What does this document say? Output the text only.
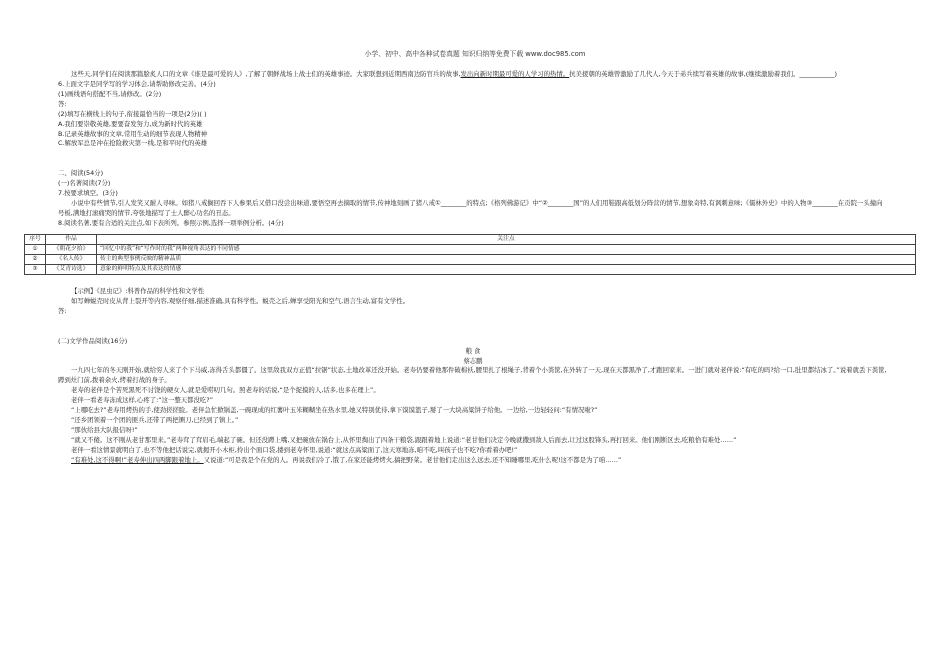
小学、初中、高中各种试卷真题 知识归纳等免费下载 www.doc985.com

这些天,同学们在阅读那篇脍炙人口的文章《谁是最可爱的人》,了解了朝鲜战场上战士们的英雄事迹。大家联想到近期西南边防官兵的故事,发出向新时期最可爱的人学习的热情。抗美援朝的英雄曾激励了几代人,今天于弟兵续写着英雄的故事,(继续激励着我们。___________)

6.上面文字是同学写的学习体会,请帮助修改完善。(4分)

(1)画线语句搭配不当,请修改。(2分)

答:

(2)填写在横线上的句子,衔接最恰当的一项是(2分)( )

A.我们要崇敬英雄,要要奋发努力,成为新时代的英雄

B.记录英雄故事的文章,常用生动的细节表现人物精神

C.解放军总是冲在抢险救灾第一线,是和平时代的英雄

二、阅读(54分)

(一)名著阅读(7分)

7.按要求填空。(3分)

小说中有些情节,引人发笑又耐人寻味。如猪八戒搁回吞下人参果后又借口没尝出味道,要悟空再去摘取的情节,传神地刻画了猪八戒①________的特点;《格列佛游记》中“②________国”的人们用鞋跟高低划分阵营的情节,想象奇特,有讽刺意味;《儒林外史》中的人物③________在贡院一头撞向号板,满地打滚痛哭的情节,夸张地描写了士人醉心功名的丑态。

8.阅读名著,要有合适的关注点,如下表所列。参照示例,选择一项举例分析。(4分)

序号	作品	关注点
①	《朝花夕拾》	“回忆中的我”和“写作时的我”两种视角表达的不同情感
②	《名人传》	传主的典型事例反映的精神品质
③	《艾青诗选》	意象的鲜明特点及其表达的情感

【示例】《昆虫记》:科普作品的科学性和文学性

如写蝉蜕壳时皮从背上裂开等内容,观察仔细,描述准确,具有科学性。蜕壳之后,蝉享受阳光和空气,语言生动,富有文学性。

答:

(二)文学作品阅读(16分)

粮 食

蔡志鹏

一九四七年的冬天刚开始,就给穷人来了个下马威,冻得舌头都僵了。这里敌我双方正值“拉锯”状态,土地改革还没开始。老寿仍要着他那件破棉袄,腰里扎了根绳子,背着个小粪筐,在外转了一天,现在天都黑净了,才跑回家来。一进门就对老伴说:“有吃的吗?给一口,肚里都结冰了。”说着就丢下粪筐,蹲到灶门前,拨着余火,烤着打战的身子。

老寿的老伴是个苦死黑死不讨饶的硬女人,就是爱唠叨几句。照老寿的话说,“是个捉摸的人,话多,也多在理上”。

老伴一看老寿冻成这样,心疼了:“这一整天都没吃?”

“上哪吃去?”老寿用烤热的手,使劲搓搓脸。老伴急忙掀锅盖,一碗现成的红薯叶玉米糊糊坐在热水里,她又特别优待,拿下馍馍篮子,掰了一大块高粱饼子给他。一边给,一边轻轻问:“有情况啦?”

“还乡团领着一个团的匪兵,还带了两把铡刀,已经到了镇上。”

“那伙给县大队报信呀!”

“就又不傻。这不刚从老甘那里来。”老寿耷了耷眉毛,端起了碗。但还没蹲上嘴,又把碗放在锅台上,从怀里掏出了四条干粮袋,跟跟着地上说道:“老甘他们决定今晚就撒到敌人后面去,让过这股锋头,再打回来。他们刚断区去,吃粮恰有难处……”

老伴一看这情景就明白了,也不等他把话说完,就揭开小木柜,拎出个面口袋,搂到老寿怀里,说道:“就这点高粱面了,这天寒地冻,咱不吃,叫孩子也不吃?你看着办吧!”

“有难处,这不得啊!”老寿伸出四两脚跟着地上。又说道:“可是我是个在党的人。再说我们冷了,饿了,在家还能烤烤火,搞把野菜。老甘他们走出这么远去,还不知睡哪里,吃什么呢!这不都是为了咱……”
